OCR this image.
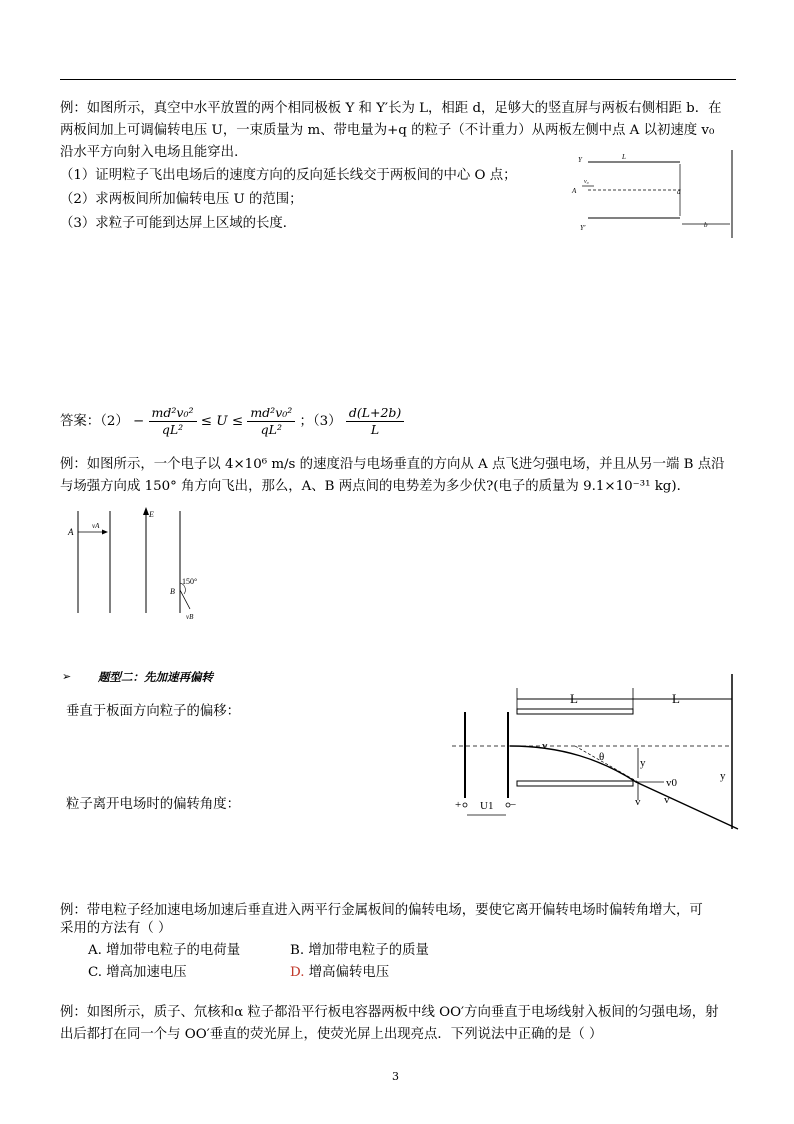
例：如图所示，真空中水平放置的两个相同极板 Y 和 Y′长为 L，相距 d，足够大的竖直屏与两板右侧相距 b．在
两板间加上可调偏转电压 U，一束质量为 m、带电量为+q 的粒子（不计重力）从两板左侧中点 A 以初速度 v₀
沿水平方向射入电场且能穿出．
（1）证明粒子飞出电场后的速度方向的反向延长线交于两板间的中心 O 点；
（2）求两板间所加偏转电压 U 的范围；
（3）求粒子可能到达屏上区域的长度．
Y	L
A
v₀
d
Y′	b
答案：$(2) - \frac{\text{md²v₀²}}{\text{qL²}} \le U \le \frac{\text{md²v₀²}}{\text{qL²}}$ ；$(3) \frac{d(L+2b)}{L}$
例：如图所示，一个电子以 4×10⁶ m/s 的速度沿与电场垂直的方向从 A 点飞进匀强电场，并且从另一端 B 点沿
与场强方向成 150° 角方向飞出，那么，A、B 两点间的电势差为多少伏?(电子的质量为 9.1×10⁻³¹ kg)．
A
vA
E
B
150°
vB
➢ 题型二：先加速再偏转
垂直于板面方向粒子的偏移：
粒子离开电场时的偏转角度：
L	L
+ U1 −
v
θ	y
v0
v v
y
例：带电粒子经加速电场加速后垂直进入两平行金属板间的偏转电场，要使它离开偏转电场时偏转角增大，可
采用的方法有（ ）
A. 增加带电粒子的电荷量	B. 增加带电粒子的质量
C. 增高加速电压	D. 增高偏转电压
例：如图所示，质子、氘核和α 粒子都沿平行板电容器两板中线 OO′方向垂直于电场线射入板间的匀强电场，射
出后都打在同一个与 OO′垂直的荧光屏上，使荧光屏上出现亮点．下列说法中正确的是（ ）
3
